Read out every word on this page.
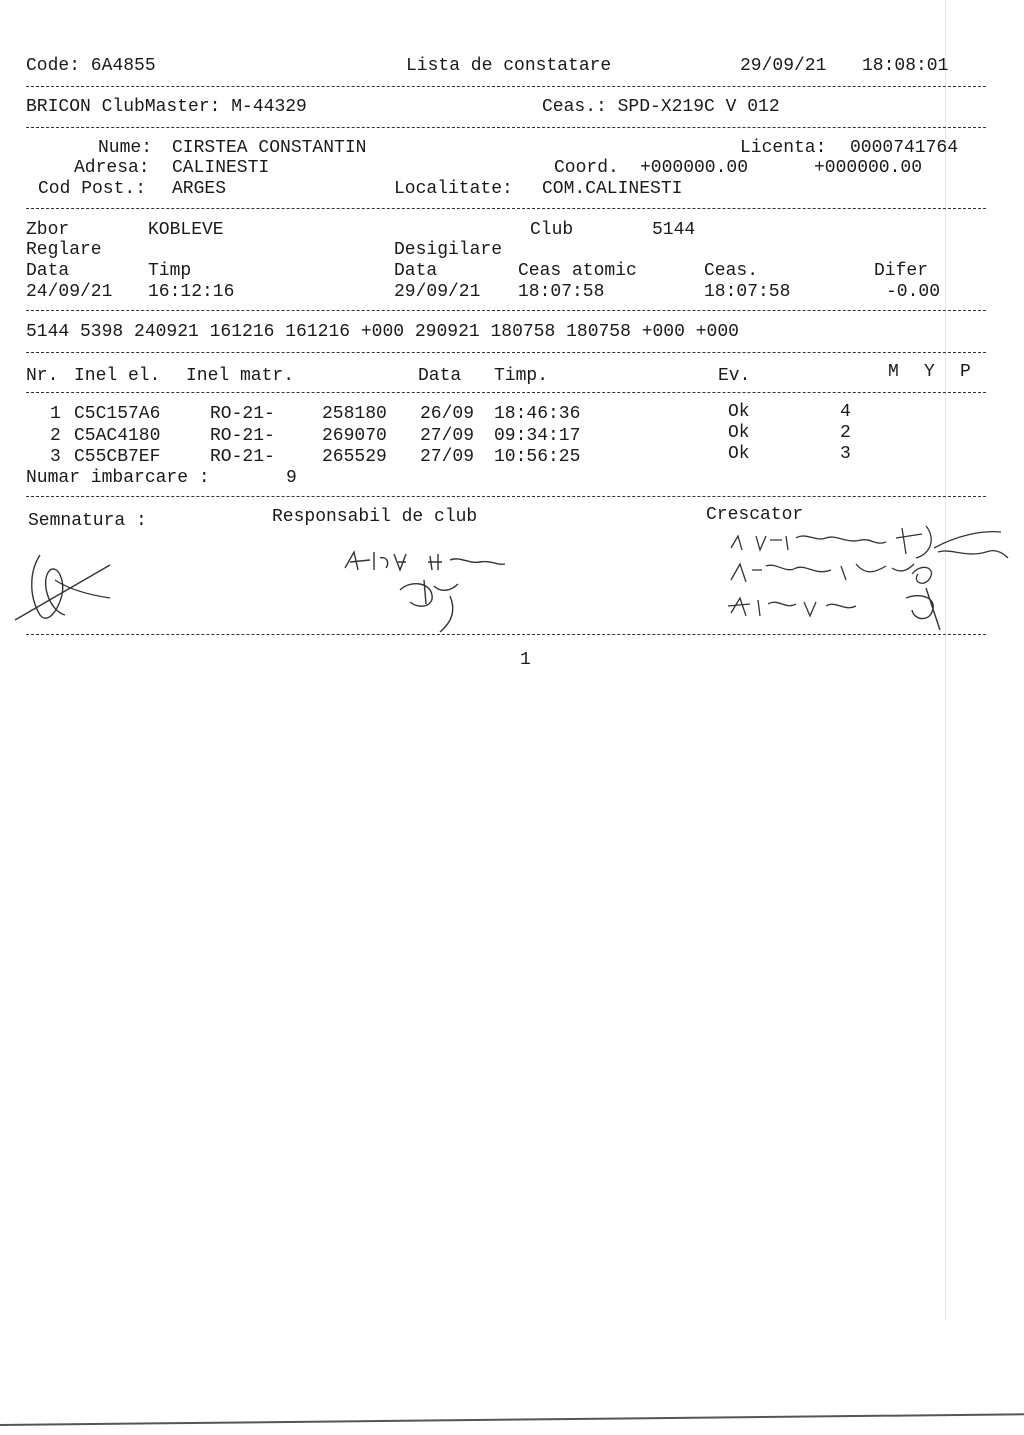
Code: 6A4855	Lista de constatare	29/09/21 18:08:01
BRICON ClubMaster: M-44329	Ceas.: SPD-X219C V 012
Nume: CIRSTEA CONSTANTIN	Licenta: 0000741764
Adresa: CALINESTI	Coord. +000000.00	+000000.00
Cod Post.: ARGES	Localitate: COM.CALINESTI
Zbor	KOBLEVE	Club	5144
Reglare	Desigilare
Data	Timp	Data	Ceas atomic	Ceas.	Difer
24/09/21 16:12:16	29/09/21 18:07:58	18:07:58	-0.00
5144 5398 240921 161216 161216 +000 290921 180758 180758 +000 +000
Nr. Inel el. Inel matr.	Data Timp.	Ev.	M Y P
1 C5C157A6	RO-21-	258180 26/09 18:46:36	Ok	4
2 C5AC4180	RO-21-	269070 27/09 09:34:17	Ok	2
3 C55CB7EF	RO-21-	265529 27/09 10:56:25	Ok	3
Numar imbarcare :	9
Semnatura :	Responsabil de club	Crescator
1
